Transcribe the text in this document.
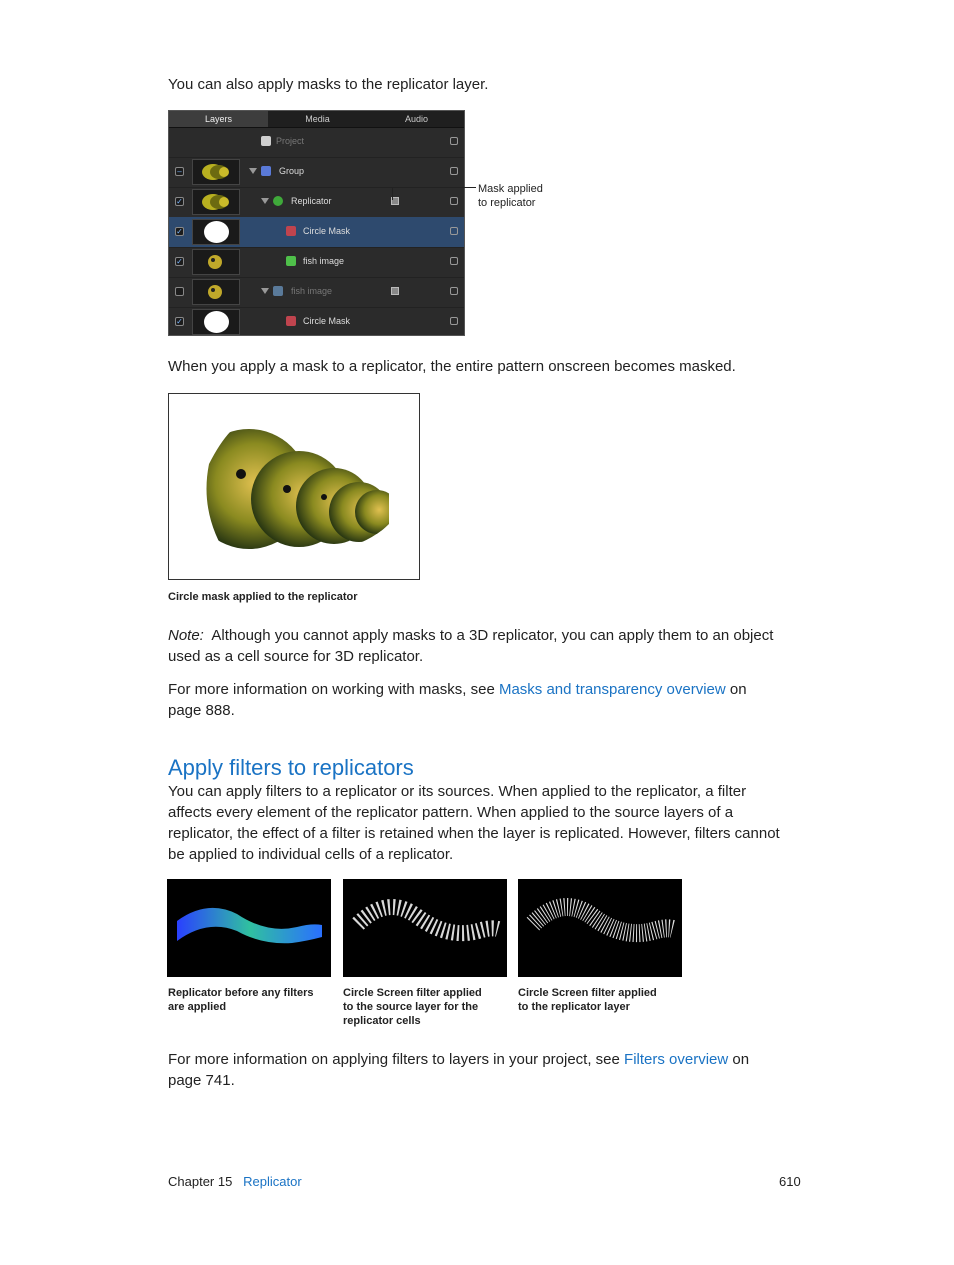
You can also apply masks to the replicator layer.
Layers	Media	Audio
Project
–	Group
✓	Replicator
✓	Circle Mask
✓	fish image
fish image
✓	Circle Mask
Mask applied
to replicator
When you apply a mask to a replicator, the entire pattern onscreen becomes masked.
Circle mask applied to the replicator
Note: Although you cannot apply masks to a 3D replicator, you can apply them to an object used as a cell source for 3D replicator.
For more information on working with masks, see Masks and transparency overview on page 888.
Apply filters to replicators
You can apply filters to a replicator or its sources. When applied to the replicator, a filter affects every element of the replicator pattern. When applied to the source layers of a replicator, the effect of a filter is retained when the layer is replicated. However, filters cannot be applied to individual cells of a replicator.
Replicator before any filters
are applied
Circle Screen filter applied
to the source layer for the
replicator cells
Circle Screen filter applied
to the replicator layer
For more information on applying filters to layers in your project, see Filters overview on page 741.
Chapter 15 Replicator	610
